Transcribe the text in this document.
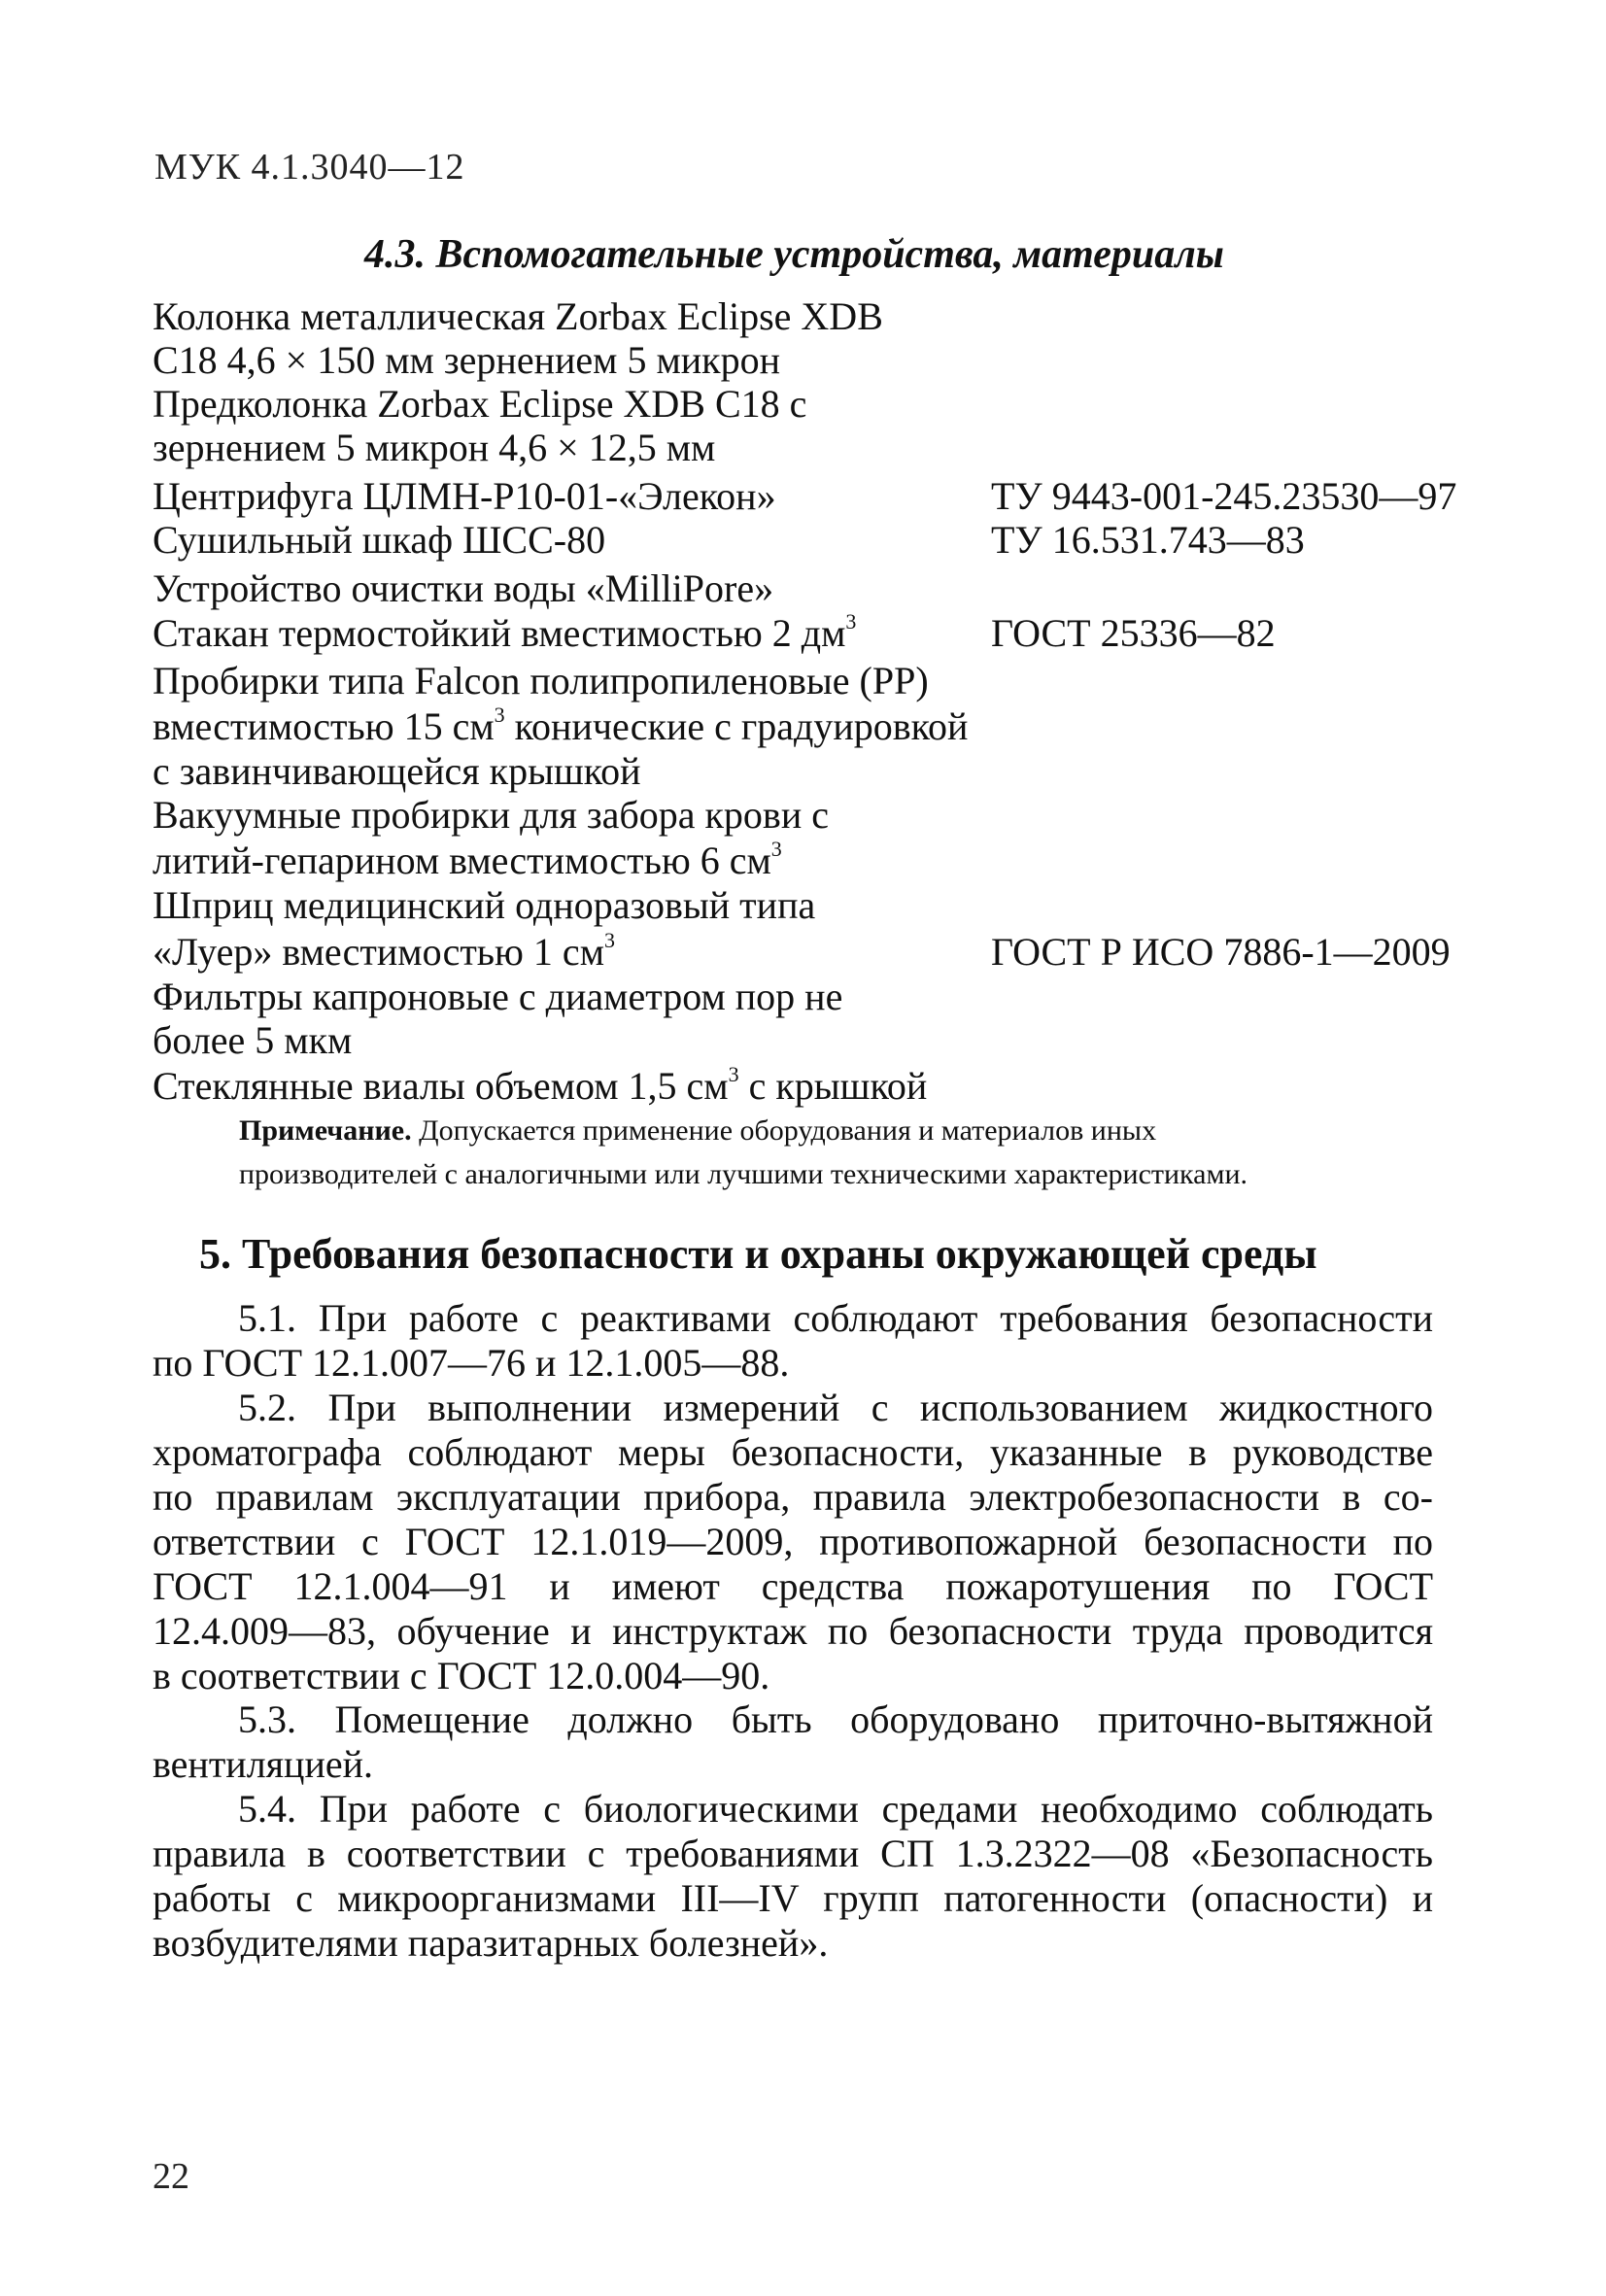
МУК 4.1.3040—12
4.3. Вспомогательные устройства, материалы
Колонка металлическая Zorbax Eclipse XDB
C18 4,6 × 150 мм зернением 5 микрон
Предколонка Zorbax Eclipse XDB C18 с
зернением 5 микрон 4,6 × 12,5 мм
Центрифуга ЦЛМН-Р10-01-«Элекон»	ТУ 9443-001-245.23530—97
Сушильный шкаф ШСС-80	ТУ 16.531.743—83
Устройство очистки воды «MilliPore»
Стакан термостойкий вместимостью 2 $дм^3$	ГОСТ 25336—82
Пробирки типа Falcon полипропиленовые (РР)
вместимостью 15 $см^3$ конические с градуировкой
с завинчивающейся крышкой
Вакуумные пробирки для забора крови с
литий-гепарином вместимостью 6 $см^3$
Шприц медицинский одноразовый типа
«Луер» вместимостью 1 $см^3$	ГОСТ Р ИСО 7886-1—2009
Фильтры капроновые с диаметром пор не
более 5 мкм
Стеклянные виалы объемом 1,5 $см^3$ с крышкой
Примечание. Допускается применение оборудования и материалов иных
производителей с аналогичными или лучшими техническими характеристиками.
5. Требования безопасности и охраны окружающей среды
5.1. При работе с реактивами соблюдают требования безопасности
по ГОСТ 12.1.007—76 и 12.1.005—88.
5.2. При выполнении измерений с использованием жидкостного
хроматографа соблюдают меры безопасности, указанные в руководстве
по правилам эксплуатации прибора, правила электробезопасности в со-
ответствии с ГОСТ 12.1.019—2009, противопожарной безопасности по
ГОСТ 12.1.004—91 и имеют средства пожаротушения по ГОСТ
12.4.009—83, обучение и инструктаж по безопасности труда проводится
в соответствии с ГОСТ 12.0.004—90.
5.3. Помещение должно быть оборудовано приточно-вытяжной
вентиляцией.
5.4. При работе с биологическими средами необходимо соблюдать
правила в соответствии с требованиями СП 1.3.2322—08 «Безопасность
работы с микроорганизмами III—IV групп патогенности (опасности) и
возбудителями паразитарных болезней».
22
